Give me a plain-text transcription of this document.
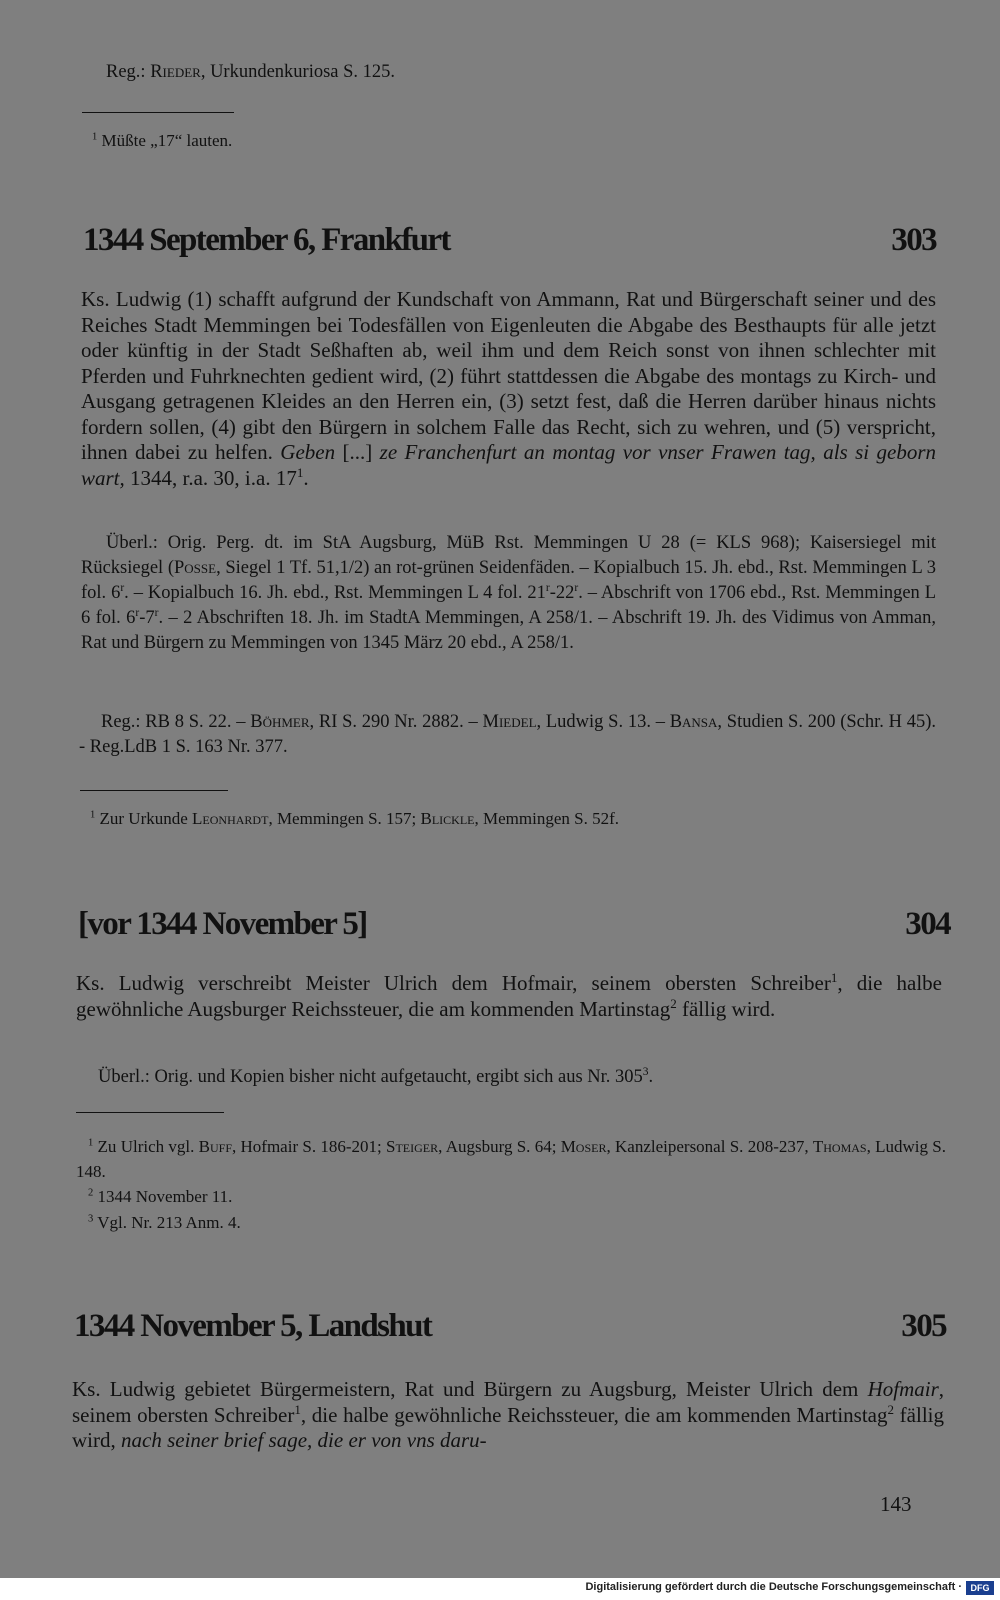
Reg.: Rieder, Urkundenkuriosa S. 125.
$^1$ Müßte „17“ lauten.
1344 September 6, Frankfurt	303
Ks. Ludwig (1) schafft aufgrund der Kundschaft von Ammann, Rat und Bürgerschaft seiner und des Reiches Stadt Memmingen bei Todesfällen von Eigenleuten die Abgabe des Besthaupts für alle jetzt oder künftig in der Stadt Seßhaften ab, weil ihm und dem Reich sonst von ihnen schlechter mit Pferden und Fuhrknechten gedient wird, (2) führt stattdessen die Abgabe des montags zu Kirch- und Ausgang getragenen Kleides an den Herren ein, (3) setzt fest, daß die Herren darüber hinaus nichts fordern sollen, (4) gibt den Bürgern in solchem Falle das Recht, sich zu wehren, und (5) verspricht, ihnen dabei zu helfen. Geben [...] ze Franchenfurt an montag vor vnser Frawen tag, als si geborn wart, 1344, r.a. 30, i.a. $17^1$.
Überl.: Orig. Perg. dt. im StA Augsburg, MüB Rst. Memmingen U 28 (= KLS 968); Kaisersiegel mit Rücksiegel (Posse, Siegel 1 Tf. 51,1/2) an rot-grünen Seidenfäden. – Kopialbuch 15. Jh. ebd., Rst. Memmingen L 3 fol. 6$^r$. – Kopialbuch 16. Jh. ebd., Rst. Memmingen L 4 fol. 21$^r$-22$^r$. – Abschrift von 1706 ebd., Rst. Memmingen L 6 fol. 6$^r$-7$^r$. – 2 Abschriften 18. Jh. im StadtA Memmingen, A 258/1. – Abschrift 19. Jh. des Vidimus von Amman, Rat und Bürgern zu Memmingen von 1345 März 20 ebd., A 258/1.
Reg.: RB 8 S. 22. – Böhmer, RI S. 290 Nr. 2882. – Miedel, Ludwig S. 13. – Bansa, Studien S. 200 (Schr. H 45). - Reg.LdB 1 S. 163 Nr. 377.
$^1$ Zur Urkunde Leonhardt, Memmingen S. 157; Blickle, Memmingen S. 52f.
[vor 1344 November 5]	304
Ks. Ludwig verschreibt Meister Ulrich dem Hofmair, seinem obersten Schreiber$^1$, die halbe gewöhnliche Augsburger Reichssteuer, die am kommenden Martinstag$^2$ fällig wird.
Überl.: Orig. und Kopien bisher nicht aufgetaucht, ergibt sich aus Nr. $305^3$.
$^1$ Zu Ulrich vgl. Buff, Hofmair S. 186-201; Steiger, Augsburg S. 64; Moser, Kanzleipersonal S. 208-237, Thomas, Ludwig S. 148.
$^2$ 1344 November 11.
$^3$ Vgl. Nr. 213 Anm. 4.
1344 November 5, Landshut	305
Ks. Ludwig gebietet Bürgermeistern, Rat und Bürgern zu Augsburg, Meister Ulrich dem Hofmair, seinem obersten Schreiber$^1$, die halbe gewöhnliche Reichssteuer, die am kommenden Martinstag$^2$ fällig wird, nach seiner brief sage, die er von vns daru-
143
Digitalisierung gefördert durch die Deutsche Forschungsgemeinschaft · DFG
